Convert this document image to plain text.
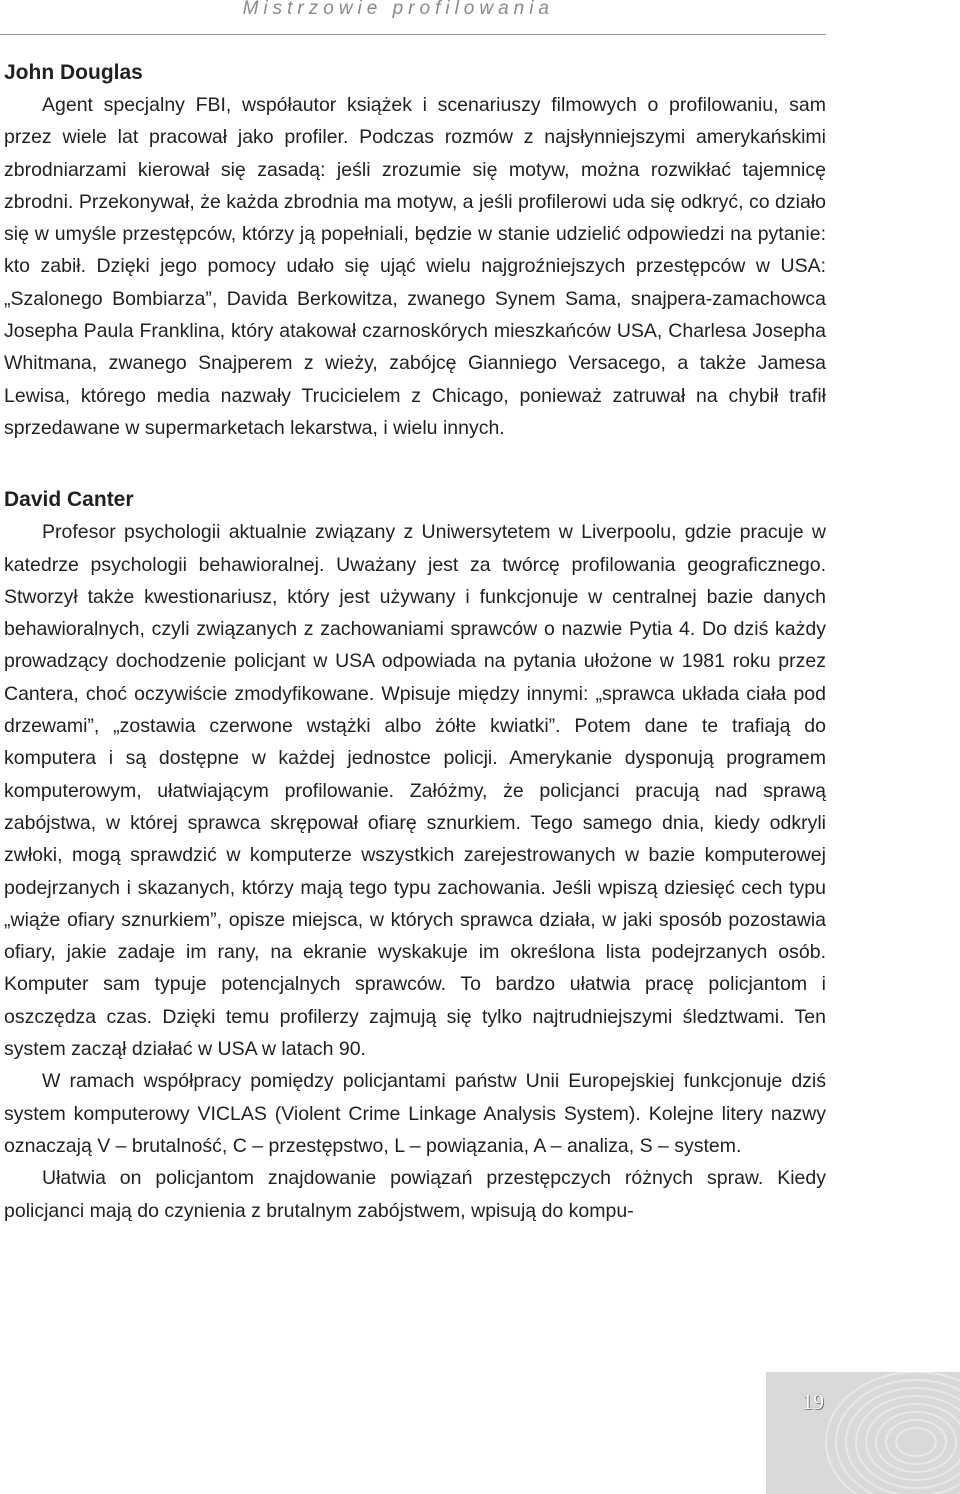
Mistrzowie profilowania
John Douglas

Agent specjalny FBI, współautor książek i scenariuszy filmowych o profilowaniu, sam przez wiele lat pracował jako profiler. Podczas rozmów z najsłynniejszymi amerykańskimi zbrodniarzami kierował się zasadą: jeśli zrozumie się motyw, można rozwikłać tajemnicę zbrodni. Przekonywał, że każda zbrodnia ma motyw, a jeśli profilerowi uda się odkryć, co działo się w umyśle przestępców, którzy ją popełniali, będzie w stanie udzielić odpowiedzi na pytanie: kto zabił. Dzięki jego pomocy udało się ująć wielu najgroźniejszych przestępców w USA: „Szalonego Bombiarza”, Davida Berkowitza, zwanego Synem Sama, snajpera-zamachowca Josepha Paula Franklina, który atakował czarnoskórych mieszkańców USA, Charlesa Josepha Whitmana, zwanego Snajperem z wieży, zabójcę Gianniego Versacego, a także Jamesa Lewisa, którego media nazwały Trucicielem z Chicago, ponieważ zatruwał na chybił trafił sprzedawane w supermarketach lekarstwa, i wielu innych.

David Canter

Profesor psychologii aktualnie związany z Uniwersytetem w Liverpoolu, gdzie pracuje w katedrze psychologii behawioralnej. Uważany jest za twórcę profilowania geograficznego. Stworzył także kwestionariusz, który jest używany i funkcjonuje w centralnej bazie danych behawioralnych, czyli związanych z zachowaniami sprawców o nazwie Pytia 4. Do dziś każdy prowadzący dochodzenie policjant w USA odpowiada na pytania ułożone w 1981 roku przez Cantera, choć oczywiście zmodyfikowane. Wpisuje między innymi: „sprawca układa ciała pod drzewami”, „zostawia czerwone wstążki albo żółte kwiatki”. Potem dane te trafiają do komputera i są dostępne w każdej jednostce policji. Amerykanie dysponują programem komputerowym, ułatwiającym profilowanie. Załóżmy, że policjanci pracują nad sprawą zabójstwa, w której sprawca skrępował ofiarę sznurkiem. Tego samego dnia, kiedy odkryli zwłoki, mogą sprawdzić w komputerze wszystkich zarejestrowanych w bazie komputerowej podejrzanych i skazanych, którzy mają tego typu zachowania. Jeśli wpiszą dziesięć cech typu „wiąże ofiary sznurkiem”, opisze miejsca, w których sprawca działa, w jaki sposób pozostawia ofiary, jakie zadaje im rany, na ekranie wyskakuje im określona lista podejrzanych osób. Komputer sam typuje potencjalnych sprawców. To bardzo ułatwia pracę policjantom i oszczędza czas. Dzięki temu profilerzy zajmują się tylko najtrudniejszymi śledztwami. Ten system zaczął działać w USA w latach 90.

W ramach współpracy pomiędzy policjantami państw Unii Europejskiej funkcjonuje dziś system komputerowy VICLAS (Violent Crime Linkage Analysis System). Kolejne litery nazwy oznaczają V – brutalność, C – przestępstwo, L – powiązania, A – analiza, S – system.

Ułatwia on policjantom znajdowanie powiązań przestępczych różnych spraw. Kiedy policjanci mają do czynienia z brutalnym zabójstwem, wpisują do kompu-

19
